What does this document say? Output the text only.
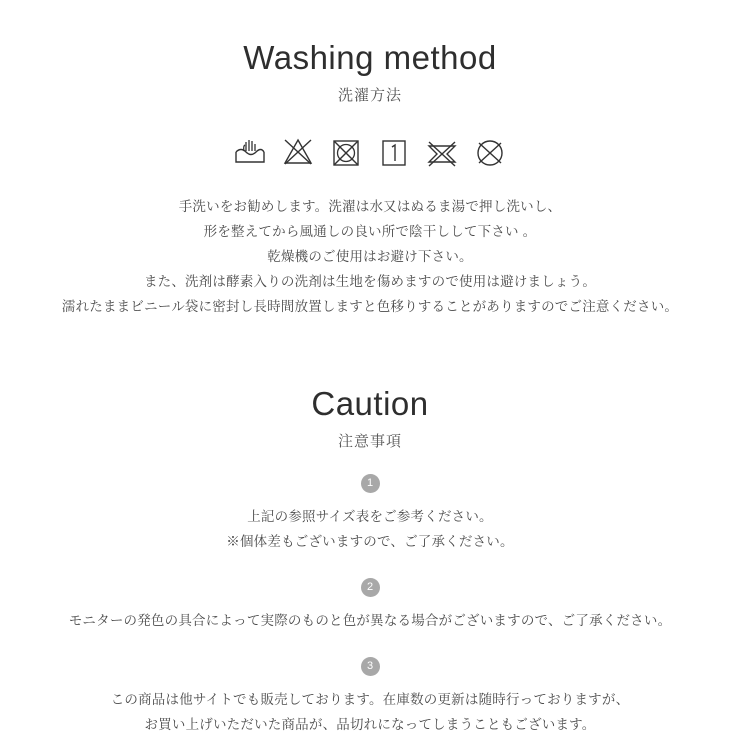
Washing method

洗濯方法

手洗いをお勧めします。洗濯は水又はぬるま湯で押し洗いし、
形を整えてから風通しの良い所で陰干しして下さい 。
乾燥機のご使用はお避け下さい。
また、洗剤は酵素入りの洗剤は生地を傷めますので使用は避けましょう。
濡れたままビニール袋に密封し長時間放置しますと色移りすることがありますのでご注意ください。
Caution

注意事項

1
上記の参照サイズ表をご参考ください。
※個体差もございますので、ご了承ください。
2
モニターの発色の具合によって実際のものと色が異なる場合がございますので、ご了承ください。
3
この商品は他サイトでも販売しております。在庫数の更新は随時行っておりますが、
お買い上げいただいた商品が、品切れになってしまうこともございます。
